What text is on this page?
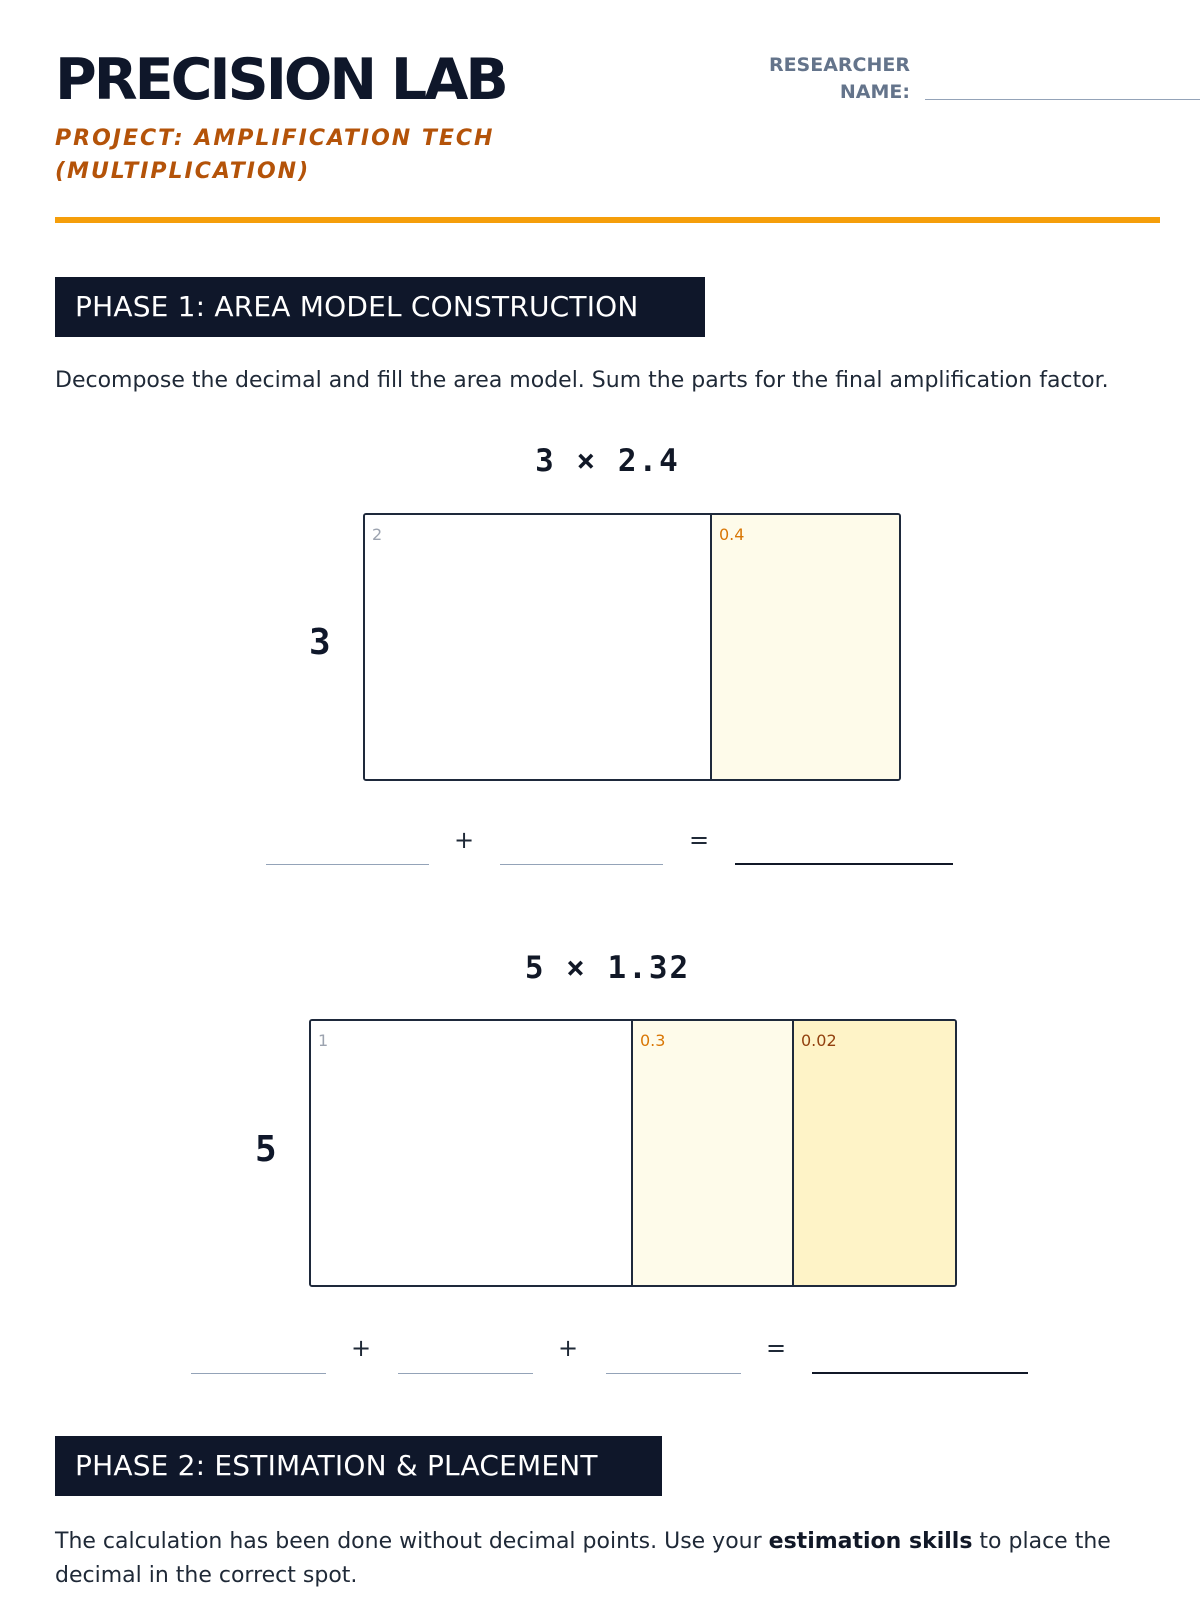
PRECISION LAB
PROJECT: AMPLIFICATION TECH (MULTIPLICATION)
RESEARCHER NAME:
PHASE 1: AREA MODEL CONSTRUCTION
Decompose the decimal and fill the area model. Sum the parts for the final amplification factor.
3 × 2.4
3
2	0.4
+	=
5 × 1.32
5
1	0.3	0.02
+	+	=
PHASE 2: ESTIMATION & PLACEMENT
The calculation has been done without decimal points. Use your estimation skills to place the decimal in the correct spot.
